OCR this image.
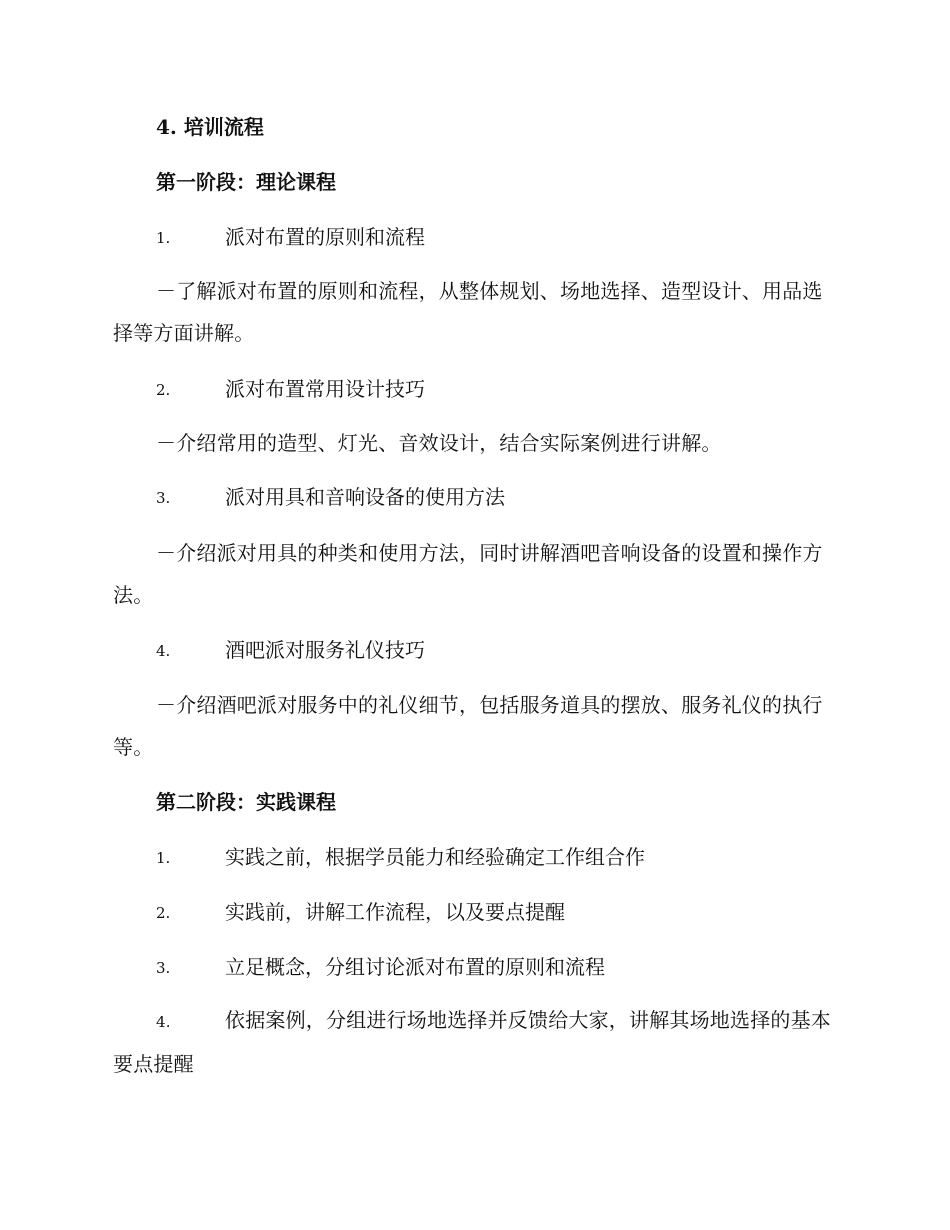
4. 培训流程
第一阶段：理论课程
1.	派对布置的原则和流程
－了解派对布置的原则和流程，从整体规划、场地选择、造型设计、用品选择等方面讲解。
2.	派对布置常用设计技巧
－介绍常用的造型、灯光、音效设计，结合实际案例进行讲解。
3.	派对用具和音响设备的使用方法
－介绍派对用具的种类和使用方法，同时讲解酒吧音响设备的设置和操作方法。
4.	酒吧派对服务礼仪技巧
－介绍酒吧派对服务中的礼仪细节，包括服务道具的摆放、服务礼仪的执行等。
第二阶段：实践课程
1.	实践之前，根据学员能力和经验确定工作组合作
2.	实践前，讲解工作流程，以及要点提醒
3.	立足概念，分组讨论派对布置的原则和流程
4.	依据案例，分组进行场地选择并反馈给大家，讲解其场地选择的基本要点提醒
